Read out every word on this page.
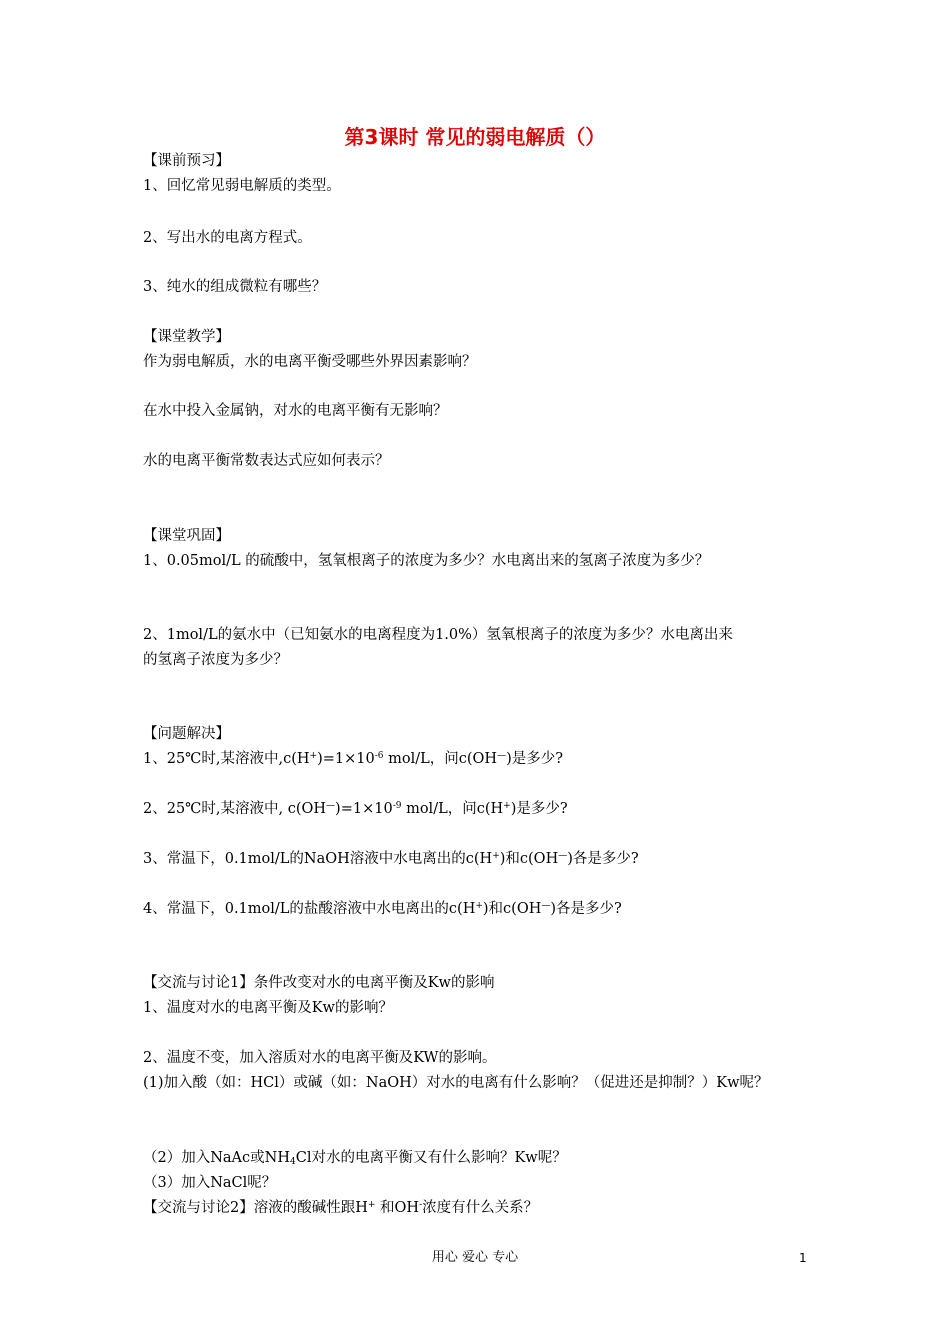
第3课时 常见的弱电解质（）
【课前预习】
1、回忆常见弱电解质的类型。
2、写出水的电离方程式。
3、纯水的组成微粒有哪些？
【课堂教学】
作为弱电解质，水的电离平衡受哪些外界因素影响？
在水中投入金属钠，对水的电离平衡有无影响？
水的电离平衡常数表达式应如何表示？
【课堂巩固】
1、0.05mol/L 的硫酸中，氢氧根离子的浓度为多少？水电离出来的氢离子浓度为多少？
2、1mol/L的氨水中（已知氨水的电离程度为1.0%）氢氧根离子的浓度为多少？水电离出来
的氢离子浓度为多少？
【问题解决】
1、25℃时,某溶液中$,c(H^+)=1\times 10^{-6}$ mol/L，问c(OH—)是多少?
2、25℃时,某溶液中, $c(OH^—)=1\times 10^{-9}$ mol/L，问c(H+)是多少?
3、常温下，0.1mol/L的NaOH溶液中水电离出的c(H+)和c(OH—)各是多少?
4、常温下，0.1mol/L的盐酸溶液中水电离出的c(H+)和c(OH—)各是多少?
【交流与讨论1】条件改变对水的电离平衡及Kw的影响
1、温度对水的电离平衡及Kw的影响？
2、温度不变，加入溶质对水的电离平衡及KW的影响。
(1)加入酸（如：HCl）或碱（如：NaOH）对水的电离有什么影响？（促进还是抑制？）Kw呢？
（2）加入NaAc或$NH_4Cl$对水的电离平衡又有什么影响？Kw呢？
（3）加入NaCl呢？
【交流与讨论2】溶液的酸碱性跟H+ 和OH-浓度有什么关系？
用心 爱心 专心	1
